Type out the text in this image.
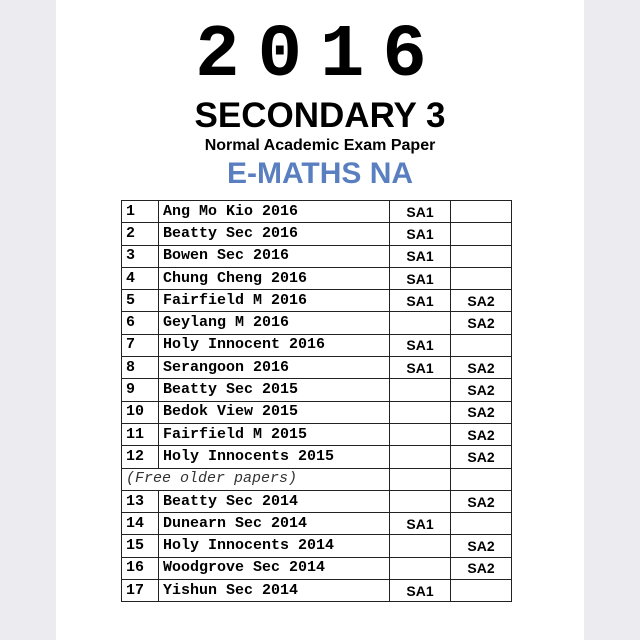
2016
SECONDARY 3
Normal Academic Exam Paper
E-MATHS NA
1	Ang Mo Kio 2016	SA1	
2	Beatty Sec 2016	SA1	
3	Bowen Sec 2016	SA1	
4	Chung Cheng 2016	SA1	
5	Fairfield M 2016	SA1	SA2
6	Geylang M 2016		SA2
7	Holy Innocent 2016	SA1	
8	Serangoon 2016	SA1	SA2
9	Beatty Sec 2015		SA2
10	Bedok View 2015		SA2
11	Fairfield M 2015		SA2
12	Holy Innocents 2015		SA2
(Free older papers)			
13	Beatty Sec 2014		SA2
14	Dunearn Sec 2014	SA1	
15	Holy Innocents 2014		SA2
16	Woodgrove Sec 2014		SA2
17	Yishun Sec 2014	SA1	
